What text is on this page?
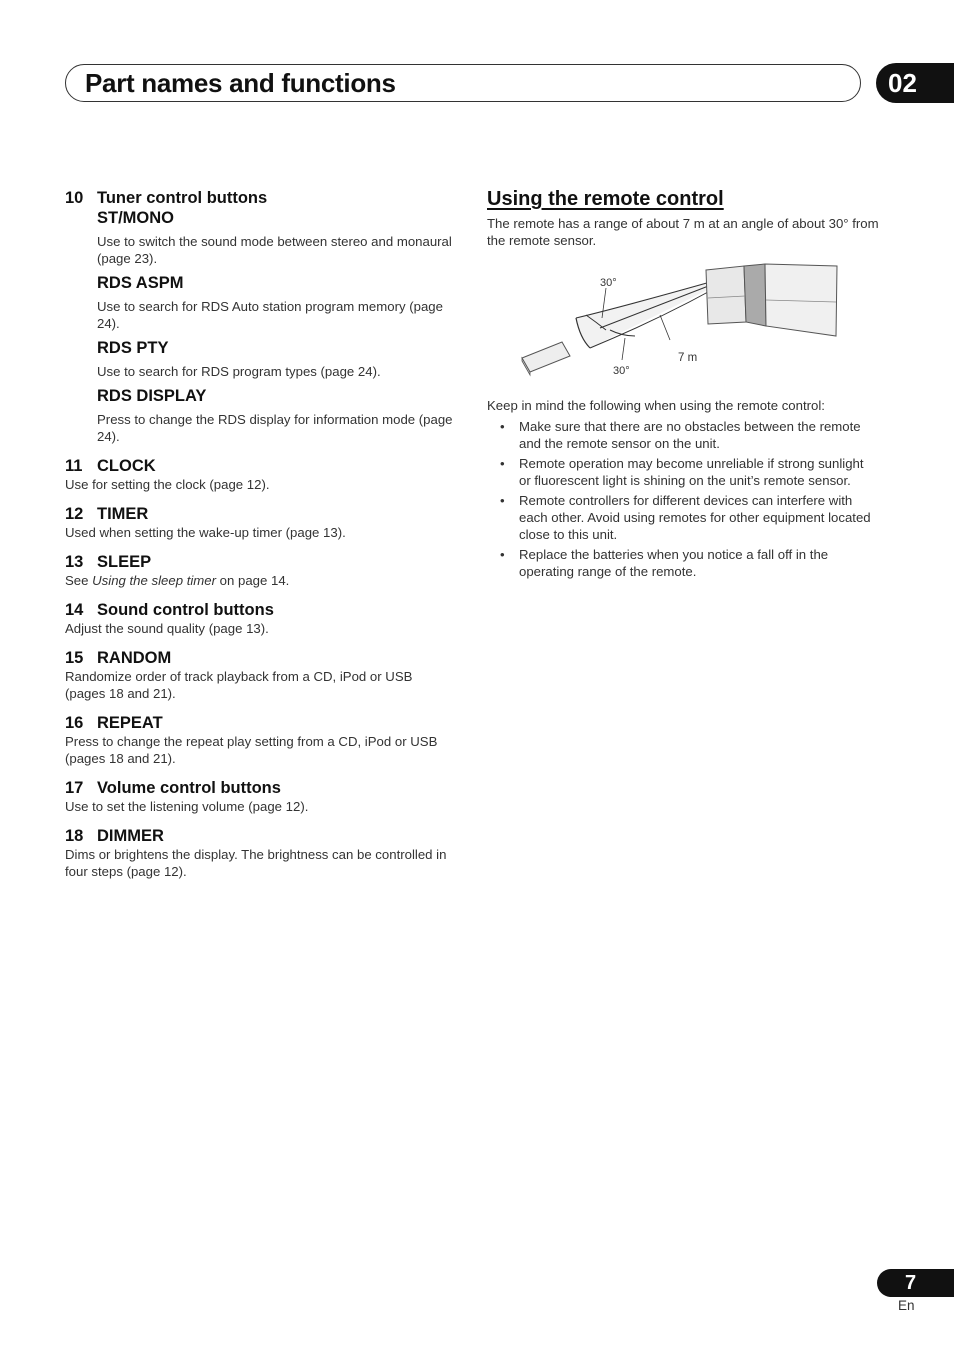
Part names and functions	02
10 Tuner control buttons
ST/MONO
Use to switch the sound mode between stereo and monaural (page 23).
RDS ASPM
Use to search for RDS Auto station program memory (page 24).
RDS PTY
Use to search for RDS program types (page 24).
RDS DISPLAY
Press to change the RDS display for information mode (page 24).
11 CLOCK
Use for setting the clock (page 12).
12 TIMER
Used when setting the wake-up timer (page 13).
13 SLEEP
See Using the sleep timer on page 14.
14 Sound control buttons
Adjust the sound quality (page 13).
15 RANDOM
Randomize order of track playback from a CD, iPod or USB (pages 18 and 21).
16 REPEAT
Press to change the repeat play setting from a CD, iPod or USB (pages 18 and 21).
17 Volume control buttons
Use to set the listening volume (page 12).
18 DIMMER
Dims or brightens the display. The brightness can be controlled in four steps (page 12).
Using the remote control
The remote has a range of about 7 m at an angle of about 30° from the remote sensor.
30°
30°
7 m
Keep in mind the following when using the remote control:
• Make sure that there are no obstacles between the remote and the remote sensor on the unit.
• Remote operation may become unreliable if strong sunlight or fluorescent light is shining on the unit’s remote sensor.
• Remote controllers for different devices can interfere with each other. Avoid using remotes for other equipment located close to this unit.
• Replace the batteries when you notice a fall off in the operating range of the remote.
7
En
